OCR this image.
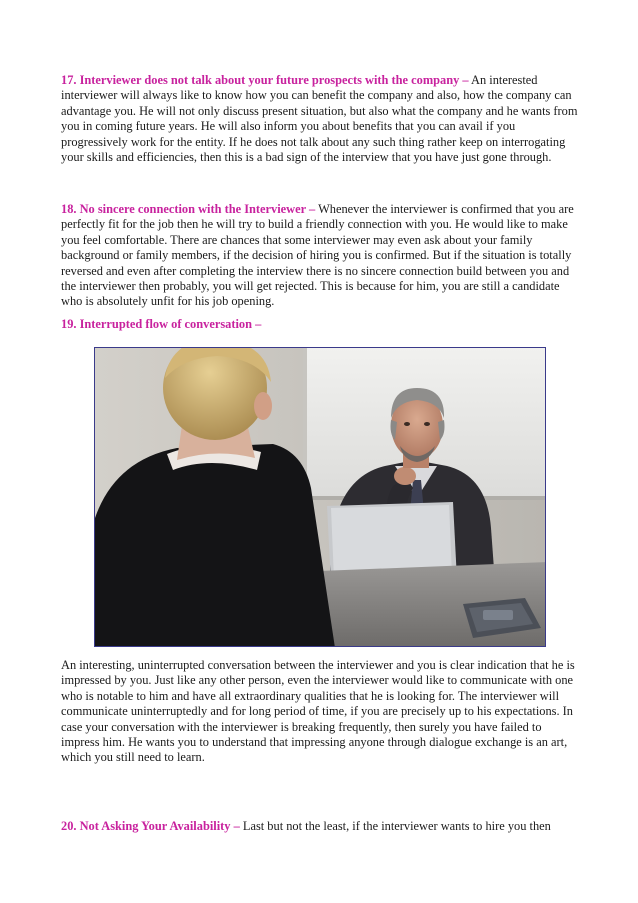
17. Interviewer does not talk about your future prospects with the company – An interested interviewer will always like to know how you can benefit the company and also, how the company can advantage you. He will not only discuss present situation, but also what the company and he wants from you in coming future years. He will also inform you about benefits that you can avail if you progressively work for the entity. If he does not talk about any such thing rather keep on interrogating your skills and efficiencies, then this is a bad sign of the interview that you have just gone through.

18. No sincere connection with the Interviewer – Whenever the interviewer is confirmed that you are perfectly fit for the job then he will try to build a friendly connection with you. He would like to make you feel comfortable. There are chances that some interviewer may even ask about your family background or family members, if the decision of hiring you is confirmed. But if the situation is totally reversed and even after completing the interview there is no sincere connection build between you and the interviewer then probably, you will get rejected. This is because for him, you are still a candidate who is absolutely unfit for his job opening.

19. Interrupted flow of conversation –

An interesting, uninterrupted conversation between the interviewer and you is clear indication that he is impressed by you. Just like any other person, even the interviewer would like to communicate with one who is notable to him and have all extraordinary qualities that he is looking for. The interviewer will communicate uninterruptedly and for long period of time, if you are precisely up to his expectations. In case your conversation with the interviewer is breaking frequently, then surely you have failed to impress him. He wants you to understand that impressing anyone through dialogue exchange is an art, which you still need to learn.

20. Not Asking Your Availability – Last but not the least, if the interviewer wants to hire you then
